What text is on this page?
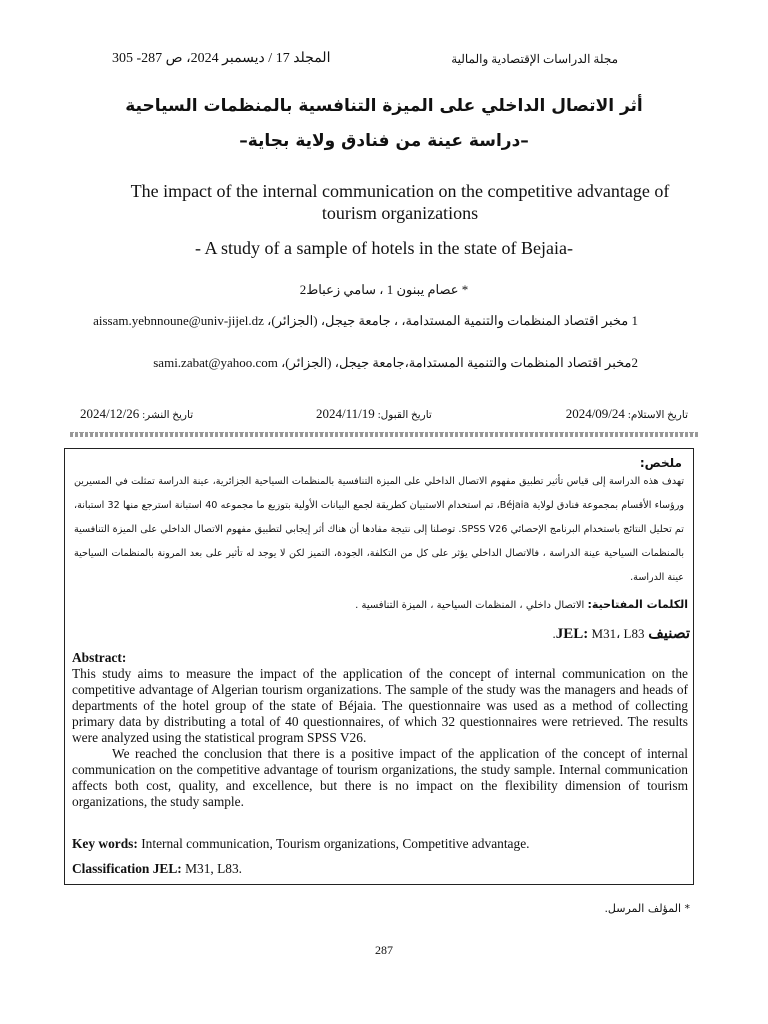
المجلد 17 / ديسمبر 2024، ص 287- 305	مجلة الدراسات الإقتصادية والمالية
أثر الاتصال الداخلي على الميزة التنافسية بالمنظمات السياحية
–دراسة عينة من فنادق ولاية بجاية–
The impact of the internal communication on the competitive advantage of tourism organizations
- A study of a sample of hotels in the state of Bejaia-
* عصام يبنون 1 ، سامي زعباط2
1 مخبر اقتصاد المنظمات والتنمية المستدامة، ، جامعة جيجل، (الجزائر)، aissam.yebnnoune@univ-jijel.dz
2مخبر اقتصاد المنظمات والتنمية المستدامة،جامعة جيجل، (الجزائر)، sami.zabat@yahoo.com
تاريخ الاستلام: 2024/09/24
تاريخ القبول: 2024/11/19
تاريخ النشر: 2024/12/26
ملخص:
تهدف هذه الدراسة إلى قياس تأثير تطبيق مفهوم الاتصال الداخلي على الميزة التنافسية بالمنظمات السياحية الجزائرية، عينة الدراسة تمثلت في المسيرين ورؤساء الأقسام بمجموعة فنادق لولاية Béjaia، تم استخدام الاستبيان كطريقة لجمع البيانات الأولية بتوزيع ما مجموعه 40 استبانة استرجع منها 32 استبانة، تم تحليل النتائج باستخدام البرنامج الإحصائي SPSS V26. توصلنا إلى نتيجة مفادها أن هناك أثر إيجابي لتطبيق مفهوم الاتصال الداخلي على الميزة التنافسية بالمنظمات السياحية عينة الدراسة ، فالاتصال الداخلي يؤثر على كل من التكلفة، الجودة، التميز لكن لا يوجد له تأثير على بعد المرونة بالمنظمات السياحية عينة الدراسة.
الكلمات المفتاحية: الاتصال داخلي ، المنظمات السياحية ، الميزة التنافسية .
تصنيف JEL: M31، L83.

Abstract:

This study aims to measure the impact of the application of the concept of internal communication on the competitive advantage of Algerian tourism organizations. The sample of the study was the managers and heads of departments of the hotel group of the state of Béjaia. The questionnaire was used as a method of collecting primary data by distributing a total of 40 questionnaires, of which 32 questionnaires were retrieved. The results were analyzed using the statistical program SPSS V26.

We reached the conclusion that there is a positive impact of the application of the concept of internal communication on the competitive advantage of tourism organizations, the study sample. Internal communication affects both cost, quality, and excellence, but there is no impact on the flexibility dimension of tourism organizations, the study sample.

Key words: Internal communication, Tourism organizations, Competitive advantage.
Classification JEL: M31, L83.
* المؤلف المرسل.
287
